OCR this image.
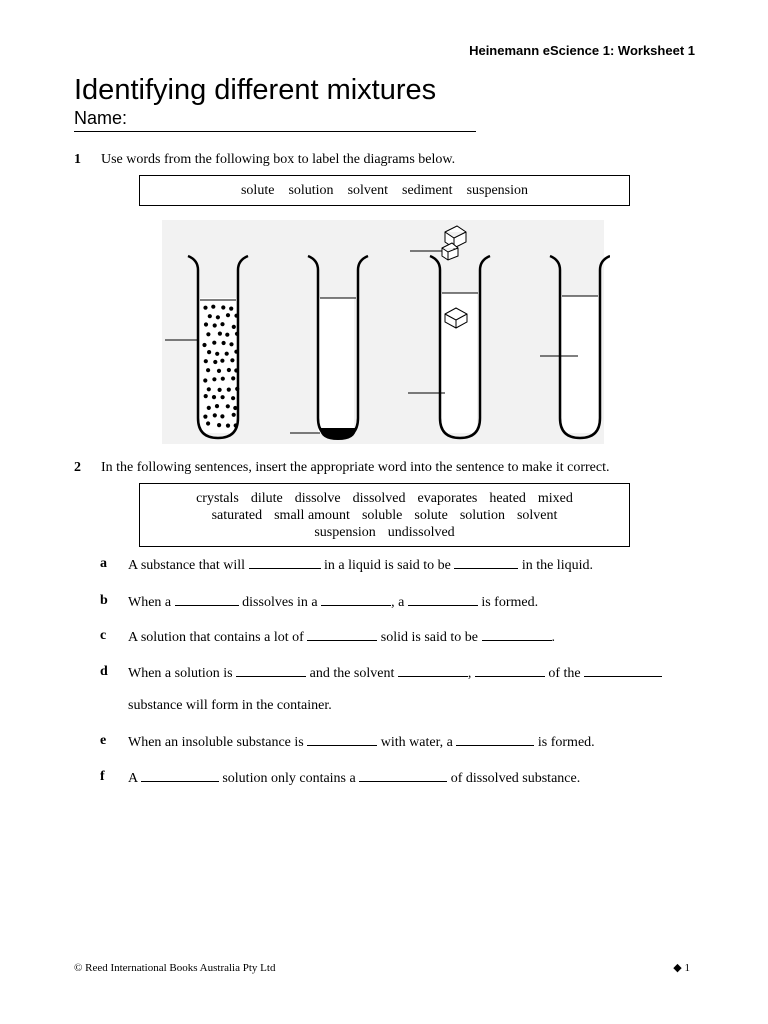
Heinemann eScience 1: Worksheet 1
Identifying different mixtures
Name:
1 Use words from the following box to label the diagrams below.
solute solution solvent sediment suspension
2 In the following sentences, insert the appropriate word into the sentence to make it correct.
crystals dilute dissolve dissolved evaporates heated mixed
saturated small amount soluble solute solution solvent
suspension undissolved
a A substance that will	in a liquid is said to be	in the liquid.
b When a	dissolves in a	, a	is formed.
c A solution that contains a lot of	solid is said to be	.
d When a solution is	and the solvent	,	of the
substance will form in the container.
e When an insoluble substance is	with water, a	is formed.
f A	solution only contains a	of dissolved substance.
© Reed International Books Australia Pty Ltd	◆ 1
